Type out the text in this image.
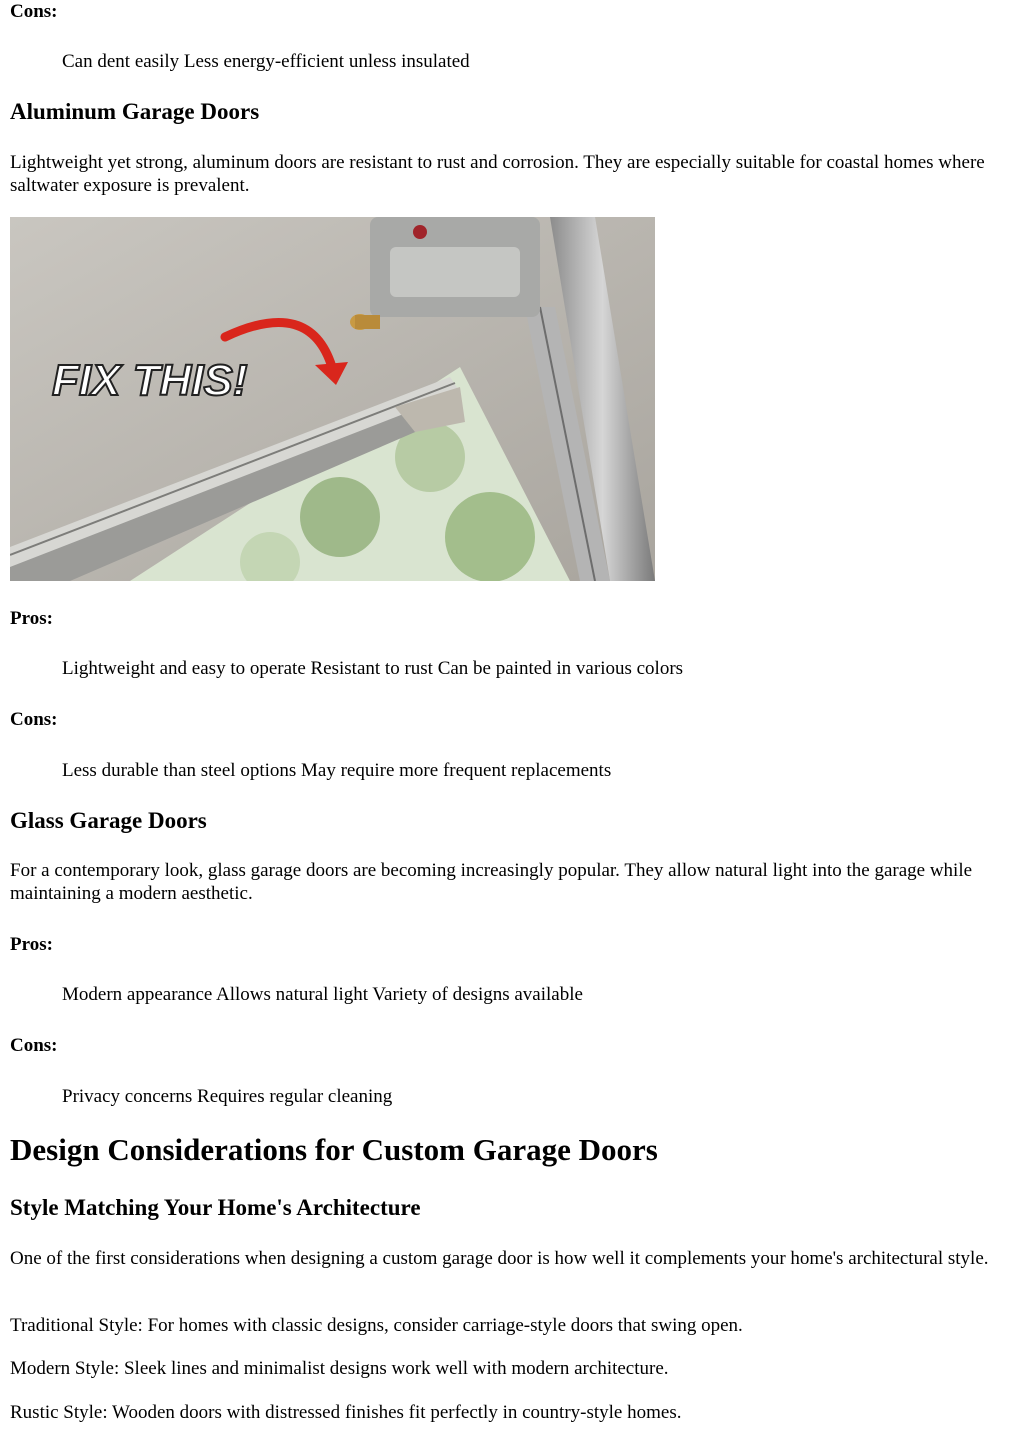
Cons:

Can dent easily Less energy-efficient unless insulated

Aluminum Garage Doors

Lightweight yet strong, aluminum doors are resistant to rust and corrosion. They are especially suitable for coastal homes where saltwater exposure is prevalent.

FIX THIS!

Pros:

Lightweight and easy to operate Resistant to rust Can be painted in various colors

Cons:

Less durable than steel options May require more frequent replacements

Glass Garage Doors

For a contemporary look, glass garage doors are becoming increasingly popular. They allow natural light into the garage while maintaining a modern aesthetic.

Pros:

Modern appearance Allows natural light Variety of designs available

Cons:

Privacy concerns Requires regular cleaning

Design Considerations for Custom Garage Doors
Style Matching Your Home's Architecture

One of the first considerations when designing a custom garage door is how well it complements your home's architectural style.

Traditional Style: For homes with classic designs, consider carriage-style doors that swing open.

Modern Style: Sleek lines and minimalist designs work well with modern architecture.

Rustic Style: Wooden doors with distressed finishes fit perfectly in country-style homes.
